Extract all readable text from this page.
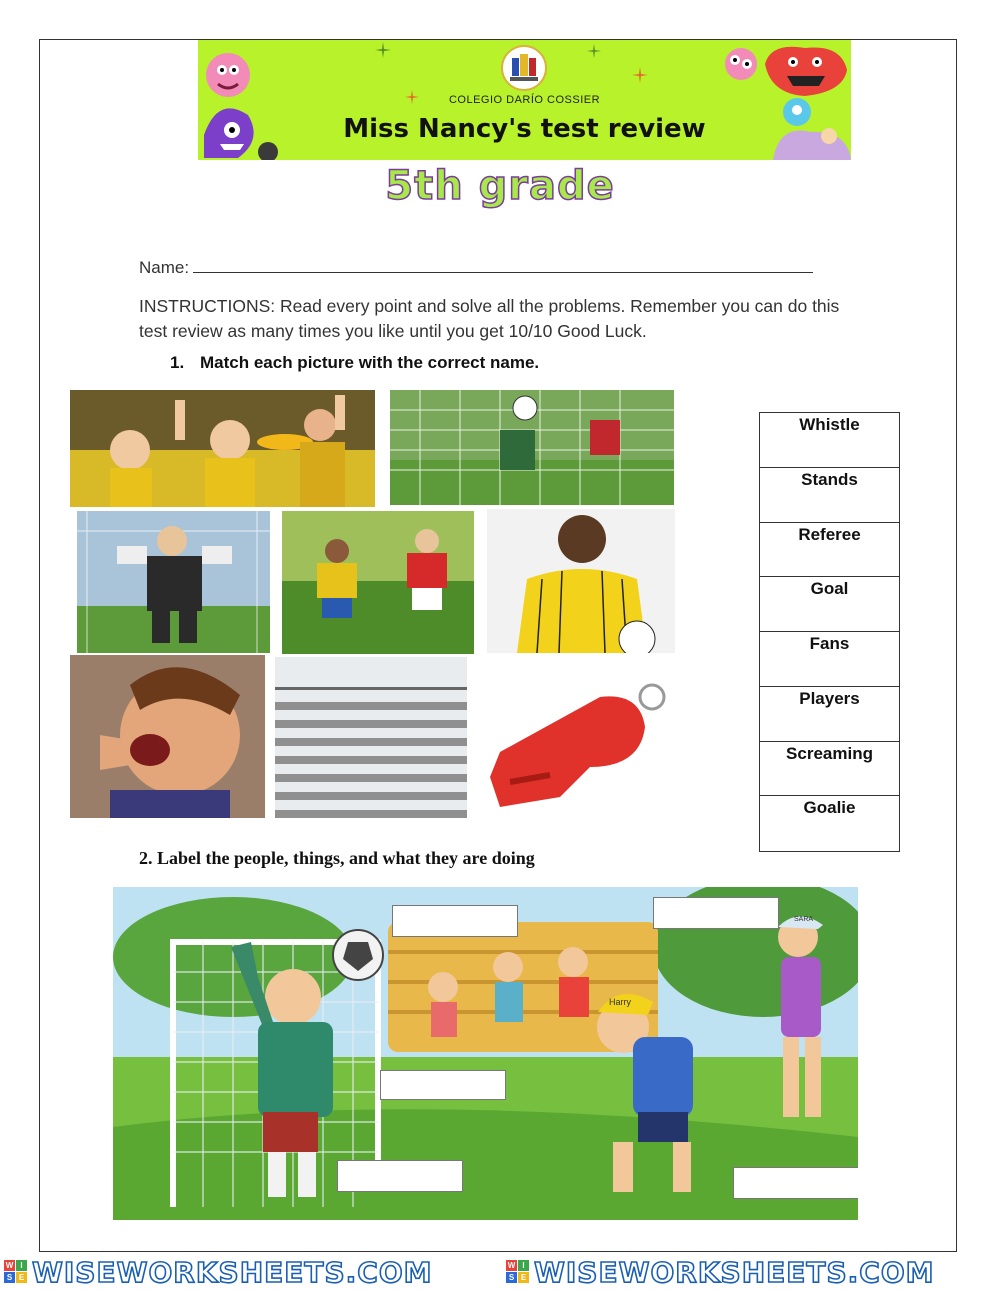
COLEGIO DARÍO COSSIER
Miss Nancy's test review
5th grade
Name:
INSTRUCTIONS: Read every point and solve all the problems. Remember you can do this test review as many times you like until you get 10/10 Good Luck.
1. Match each picture with the correct name.
Whistle
Stands
Referee
Goal
Fans
Players
Screaming
Goalie
2. Label the people, things, and what they are doing
Harry
SARA
W I
S E WISEWORKSHEETS.COM	W I
S E WISEWORKSHEETS.COM
